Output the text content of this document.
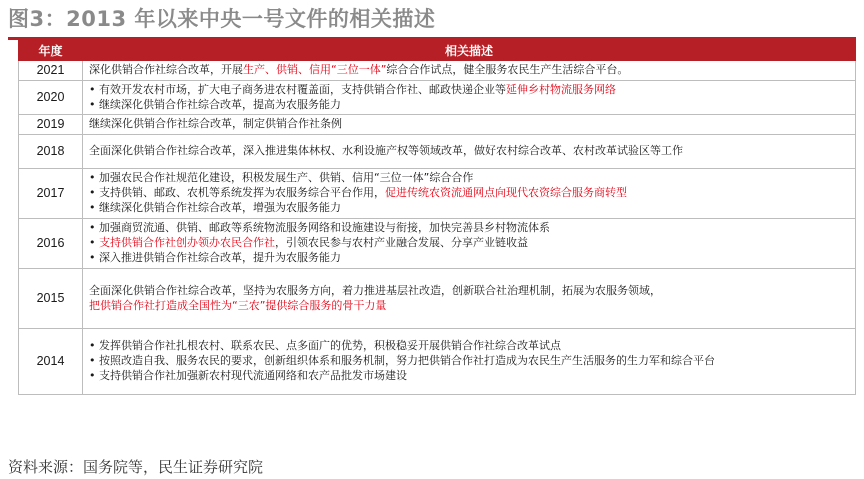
图3：2013 年以来中央一号文件的相关描述
年度	相关描述
2021	深化供销合作社综合改革，开展生产、供销、信用“三位一体”综合合作试点，健全服务农民生产生活综合平台。

2020	• 有效开发农村市场，扩大电子商务进农村覆盖面，支持供销合作社、邮政快递企业等延伸乡村物流服务网络
• 继续深化供销合作社综合改革，提高为农服务能力

2019	继续深化供销合作社综合改革，制定供销合作社条例

2018	全面深化供销合作社综合改革，深入推进集体林权、水利设施产权等领域改革，做好农村综合改革、农村改革试验区等工作

2017	• 加强农民合作社规范化建设，积极发展生产、供销、信用“三位一体”综合合作
• 支持供销、邮政、农机等系统发挥为农服务综合平台作用，促进传统农资流通网点向现代农资综合服务商转型
• 继续深化供销合作社综合改革，增强为农服务能力

2016	• 加强商贸流通、供销、邮政等系统物流服务网络和设施建设与衔接，加快完善县乡村物流体系
• 支持供销合作社创办领办农民合作社，引领农民参与农村产业融合发展、分享产业链收益
• 深入推进供销合作社综合改革，提升为农服务能力

2015	全面深化供销合作社综合改革，坚持为农服务方向，着力推进基层社改造，创新联合社治理机制，拓展为农服务领域，
把供销合作社打造成全国性为“三农”提供综合服务的骨干力量

2014	• 发挥供销合作社扎根农村、联系农民、点多面广的优势，积极稳妥开展供销合作社综合改革试点
• 按照改造自我、服务农民的要求，创新组织体系和服务机制，努力把供销合作社打造成为农民生产生活服务的生力军和综合平台
• 支持供销合作社加强新农村现代流通网络和农产品批发市场建设
资料来源：国务院等，民生证券研究院
